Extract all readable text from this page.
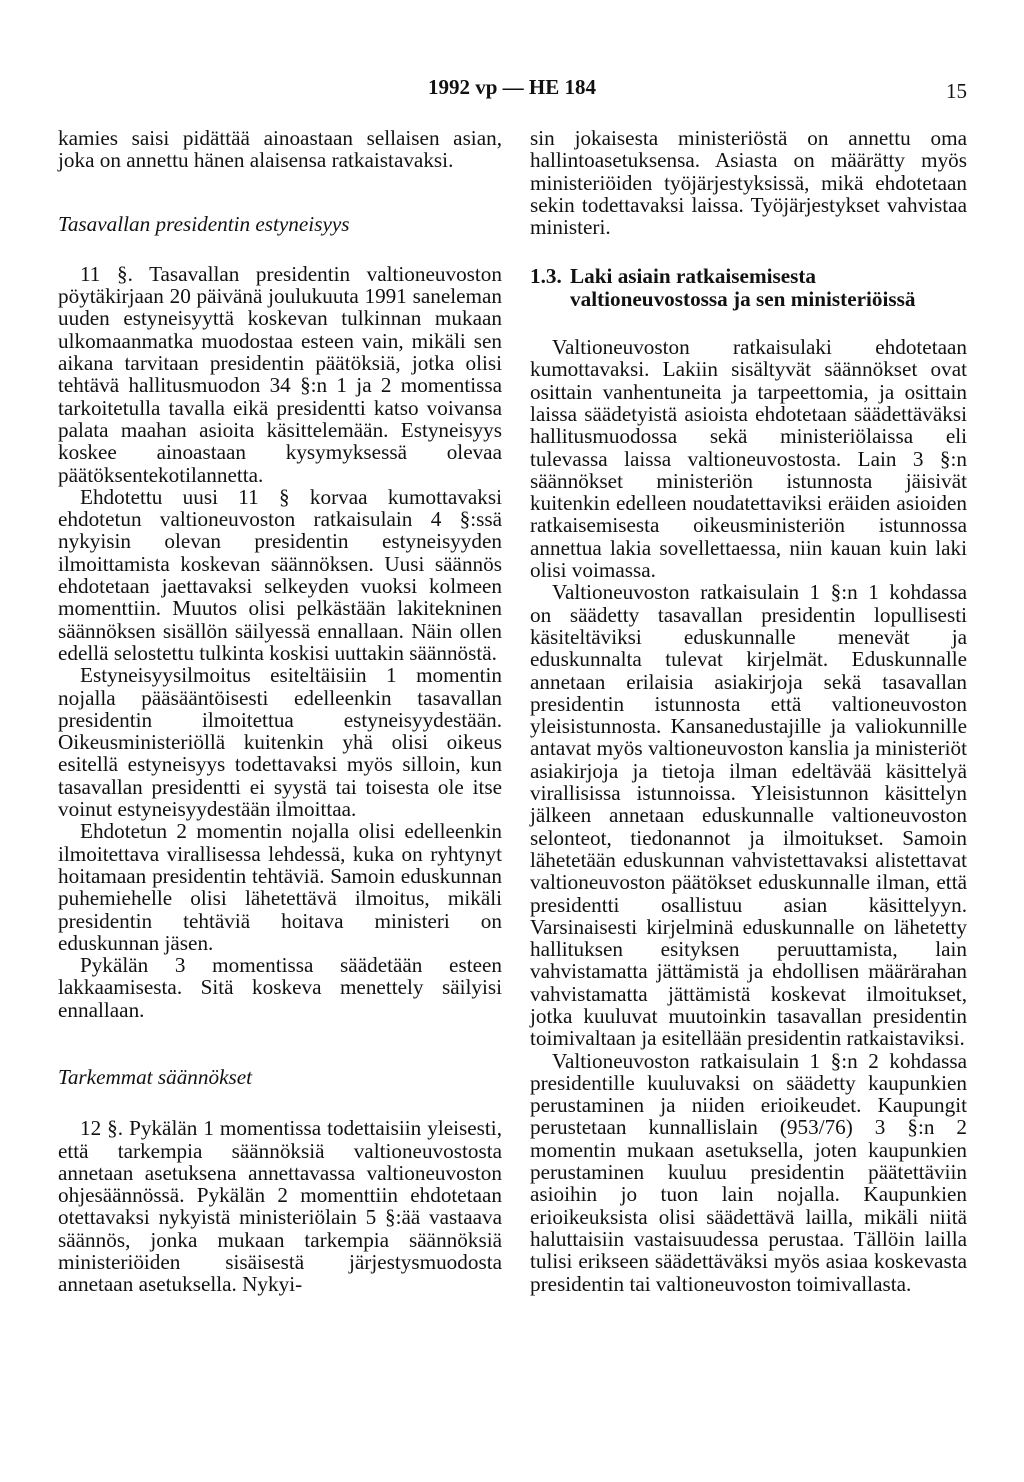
1992 vp — HE 184	15

kamies saisi pidättää ainoastaan sellaisen asian, joka on annettu hänen alaisensa ratkaistavaksi.

Tasavallan presidentin estyneisyys

11 §. Tasavallan presidentin valtioneuvoston pöytäkirjaan 20 päivänä joulukuuta 1991 saneleman uuden estyneisyyttä koskevan tulkinnan mukaan ulkomaanmatka muodostaa esteen vain, mikäli sen aikana tarvitaan presidentin päätöksiä, jotka olisi tehtävä hallitusmuodon 34 §:n 1 ja 2 momentissa tarkoitetulla tavalla eikä presidentti katso voivansa palata maahan asioita käsittelemään. Estyneisyys koskee ainoastaan kysymyksessä olevaa päätöksentekotilannetta.

Ehdotettu uusi 11 § korvaa kumottavaksi ehdotetun valtioneuvoston ratkaisulain 4 §:ssä nykyisin olevan presidentin estyneisyyden ilmoittamista koskevan säännöksen. Uusi säännös ehdotetaan jaettavaksi selkeyden vuoksi kolmeen momenttiin. Muutos olisi pelkästään lakitekninen säännöksen sisällön säilyessä ennallaan. Näin ollen edellä selostettu tulkinta koskisi uuttakin säännöstä.

Estyneisyysilmoitus esiteltäisiin 1 momentin nojalla pääsääntöisesti edelleenkin tasavallan presidentin ilmoitettua estyneisyydestään. Oikeusministeriöllä kuitenkin yhä olisi oikeus esitellä estyneisyys todettavaksi myös silloin, kun tasavallan presidentti ei syystä tai toisesta ole itse voinut estyneisyydestään ilmoittaa.

Ehdotetun 2 momentin nojalla olisi edelleenkin ilmoitettava virallisessa lehdessä, kuka on ryhtynyt hoitamaan presidentin tehtäviä. Samoin eduskunnan puhemiehelle olisi lähetettävä ilmoitus, mikäli presidentin tehtäviä hoitava ministeri on eduskunnan jäsen.

Pykälän 3 momentissa säädetään esteen lakkaamisesta. Sitä koskeva menettely säilyisi ennallaan.

Tarkemmat säännökset

12 §. Pykälän 1 momentissa todettaisiin yleisesti, että tarkempia säännöksiä valtioneuvostosta annetaan asetuksena annettavassa valtioneuvoston ohjesäännössä. Pykälän 2 momenttiin ehdotetaan otettavaksi nykyistä ministeriölain 5 §:ää vastaava säännös, jonka mukaan tarkempia säännöksiä ministeriöiden sisäisestä järjestysmuodosta annetaan asetuksella. Nykyi-

sin jokaisesta ministeriöstä on annettu oma hallintoasetuksensa. Asiasta on määrätty myös ministeriöiden työjärjestyksissä, mikä ehdotetaan sekin todettavaksi laissa. Työjärjestykset vahvistaa ministeri.

1.3. Laki asiain ratkaisemisesta valtioneuvostossa ja sen ministeriöissä

Valtioneuvoston ratkaisulaki ehdotetaan kumottavaksi. Lakiin sisältyvät säännökset ovat osittain vanhentuneita ja tarpeettomia, ja osittain laissa säädetyistä asioista ehdotetaan säädettäväksi hallitusmuodossa sekä ministeriölaissa eli tulevassa laissa valtioneuvostosta. Lain 3 §:n säännökset ministeriön istunnosta jäisivät kuitenkin edelleen noudatettaviksi eräiden asioiden ratkaisemisesta oikeusministeriön istunnossa annettua lakia sovellettaessa, niin kauan kuin laki olisi voimassa.

Valtioneuvoston ratkaisulain 1 §:n 1 kohdassa on säädetty tasavallan presidentin lopullisesti käsiteltäviksi eduskunnalle menevät ja eduskunnalta tulevat kirjelmät. Eduskunnalle annetaan erilaisia asiakirjoja sekä tasavallan presidentin istunnosta että valtioneuvoston yleisistunnosta. Kansanedustajille ja valiokunnille antavat myös valtioneuvoston kanslia ja ministeriöt asiakirjoja ja tietoja ilman edeltävää käsittelyä virallisissa istunnoissa. Yleisistunnon käsittelyn jälkeen annetaan eduskunnalle valtioneuvoston selonteot, tiedonannot ja ilmoitukset. Samoin lähetetään eduskunnan vahvistettavaksi alistettavat valtioneuvoston päätökset eduskunnalle ilman, että presidentti osallistuu asian käsittelyyn. Varsinaisesti kirjelminä eduskunnalle on lähetetty hallituksen esityksen peruuttamista, lain vahvistamatta jättämistä ja ehdollisen määrärahan vahvistamatta jättämistä koskevat ilmoitukset, jotka kuuluvat muutoinkin tasavallan presidentin toimivaltaan ja esitellään presidentin ratkaistaviksi.

Valtioneuvoston ratkaisulain 1 §:n 2 kohdassa presidentille kuuluvaksi on säädetty kaupunkien perustaminen ja niiden erioikeudet. Kaupungit perustetaan kunnallislain (953/76) 3 §:n 2 momentin mukaan asetuksella, joten kaupunkien perustaminen kuuluu presidentin päätettäviin asioihin jo tuon lain nojalla. Kaupunkien erioikeuksista olisi säädettävä lailla, mikäli niitä haluttaisiin vastaisuudessa perustaa. Tällöin lailla tulisi erikseen säädettäväksi myös asiaa koskevasta presidentin tai valtioneuvoston toimivallasta.
